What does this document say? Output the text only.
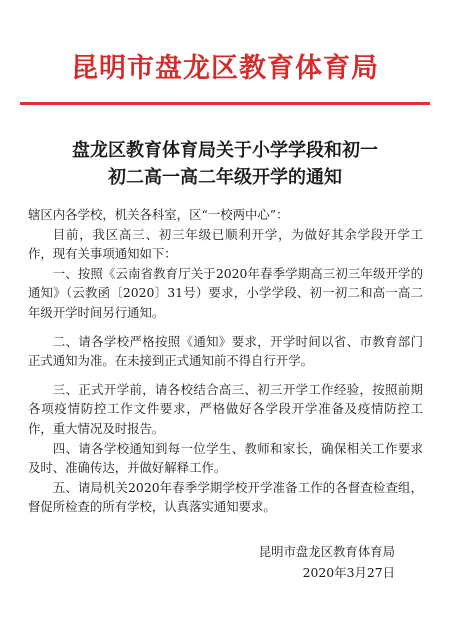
昆明市盘龙区教育体育局
盘龙区教育体育局关于小学学段和初一
初二高一高二年级开学的通知

辖区内各学校，机关各科室，区“一校两中心”：

目前，我区高三、初三年级已顺利开学，为做好其余学段开学工作，现有关事项通知如下：

一、按照《云南省教育厅关于2020年春季学期高三初三年级开学的通知》（云教函〔2020〕31号）要求，小学学段、初一初二和高一高二年级开学时间另行通知。

二、请各学校严格按照《通知》要求，开学时间以省、市教育部门正式通知为准。在未接到正式通知前不得自行开学。

三、正式开学前，请各校结合高三、初三开学工作经验，按照前期各项疫情防控工作文件要求，严格做好各学段开学准备及疫情防控工作，重大情况及时报告。

四、请各学校通知到每一位学生、教师和家长，确保相关工作要求及时、准确传达，并做好解释工作。

五、请局机关2020年春季学期学校开学准备工作的各督查检查组，督促所检查的所有学校，认真落实通知要求。

昆明市盘龙区教育体育局
2020年3月27日
